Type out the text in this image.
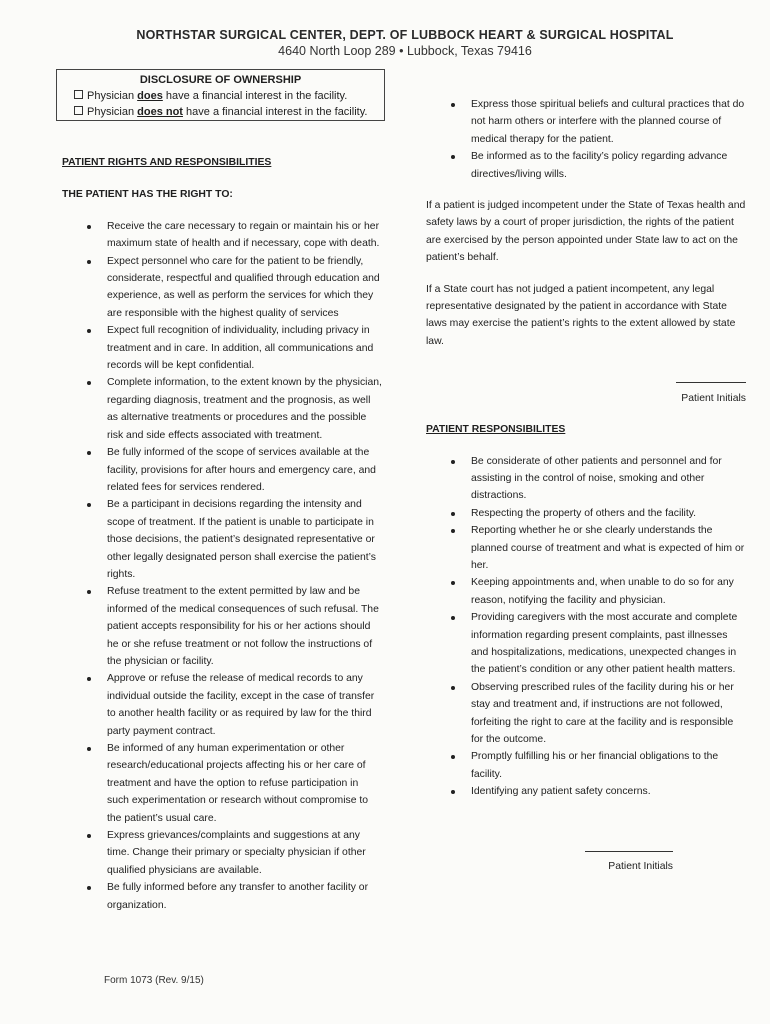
NORTHSTAR SURGICAL CENTER, DEPT. OF LUBBOCK HEART & SURGICAL HOSPITAL
4640 North Loop 289 • Lubbock, Texas 79416
DISCLOSURE OF OWNERSHIP
Physician does have a financial interest in the facility.
Physician does not have a financial interest in the facility.
PATIENT RIGHTS AND RESPONSIBILITIES
THE PATIENT HAS THE RIGHT TO:
Receive the care necessary to regain or maintain his or her maximum state of health and if necessary, cope with death.
Expect personnel who care for the patient to be friendly, considerate, respectful and qualified through education and experience, as well as perform the services for which they are responsible with the highest quality of services
Expect full recognition of individuality, including privacy in treatment and in care. In addition, all communications and records will be kept confidential.
Complete information, to the extent known by the physician, regarding diagnosis, treatment and the prognosis, as well as alternative treatments or procedures and the possible risk and side effects associated with treatment.
Be fully informed of the scope of services available at the facility, provisions for after hours and emergency care, and related fees for services rendered.
Be a participant in decisions regarding the intensity and scope of treatment. If the patient is unable to participate in those decisions, the patient’s designated representative or other legally designated person shall exercise the patient’s rights.
Refuse treatment to the extent permitted by law and be informed of the medical consequences of such refusal. The patient accepts responsibility for his or her actions should he or she refuse treatment or not follow the instructions of the physician or facility.
Approve or refuse the release of medical records to any individual outside the facility, except in the case of transfer to another health facility or as required by law for the third party payment contract.
Be informed of any human experimentation or other research/educational projects affecting his or her care of treatment and have the option to refuse participation in such experimentation or research without compromise to the patient’s usual care.
Express grievances/complaints and suggestions at any time. Change their primary or specialty physician if other qualified physicians are available.
Be fully informed before any transfer to another facility or organization.
Express those spiritual beliefs and cultural practices that do not harm others or interfere with the planned course of medical therapy for the patient.
Be informed as to the facility’s policy regarding advance directives/living wills.

If a patient is judged incompetent under the State of Texas health and safety laws by a court of proper jurisdiction, the rights of the patient are exercised by the person appointed under State law to act on the patient’s behalf.

If a State court has not judged a patient incompetent, any legal representative designated by the patient in accordance with State laws may exercise the patient’s rights to the extent allowed by state law.

Patient Initials
PATIENT RESPONSIBILITES
Be considerate of other patients and personnel and for assisting in the control of noise, smoking and other distractions.
Respecting the property of others and the facility.
Reporting whether he or she clearly understands the planned course of treatment and what is expected of him or her.
Keeping appointments and, when unable to do so for any reason, notifying the facility and physician.
Providing caregivers with the most accurate and complete information regarding present complaints, past illnesses and hospitalizations, medications, unexpected changes in the patient’s condition or any other patient health matters.
Observing prescribed rules of the facility during his or her stay and treatment and, if instructions are not followed, forfeiting the right to care at the facility and is responsible for the outcome.
Promptly fulfilling his or her financial obligations to the facility.
Identifying any patient safety concerns.

Patient Initials
Form 1073 (Rev. 9/15)
